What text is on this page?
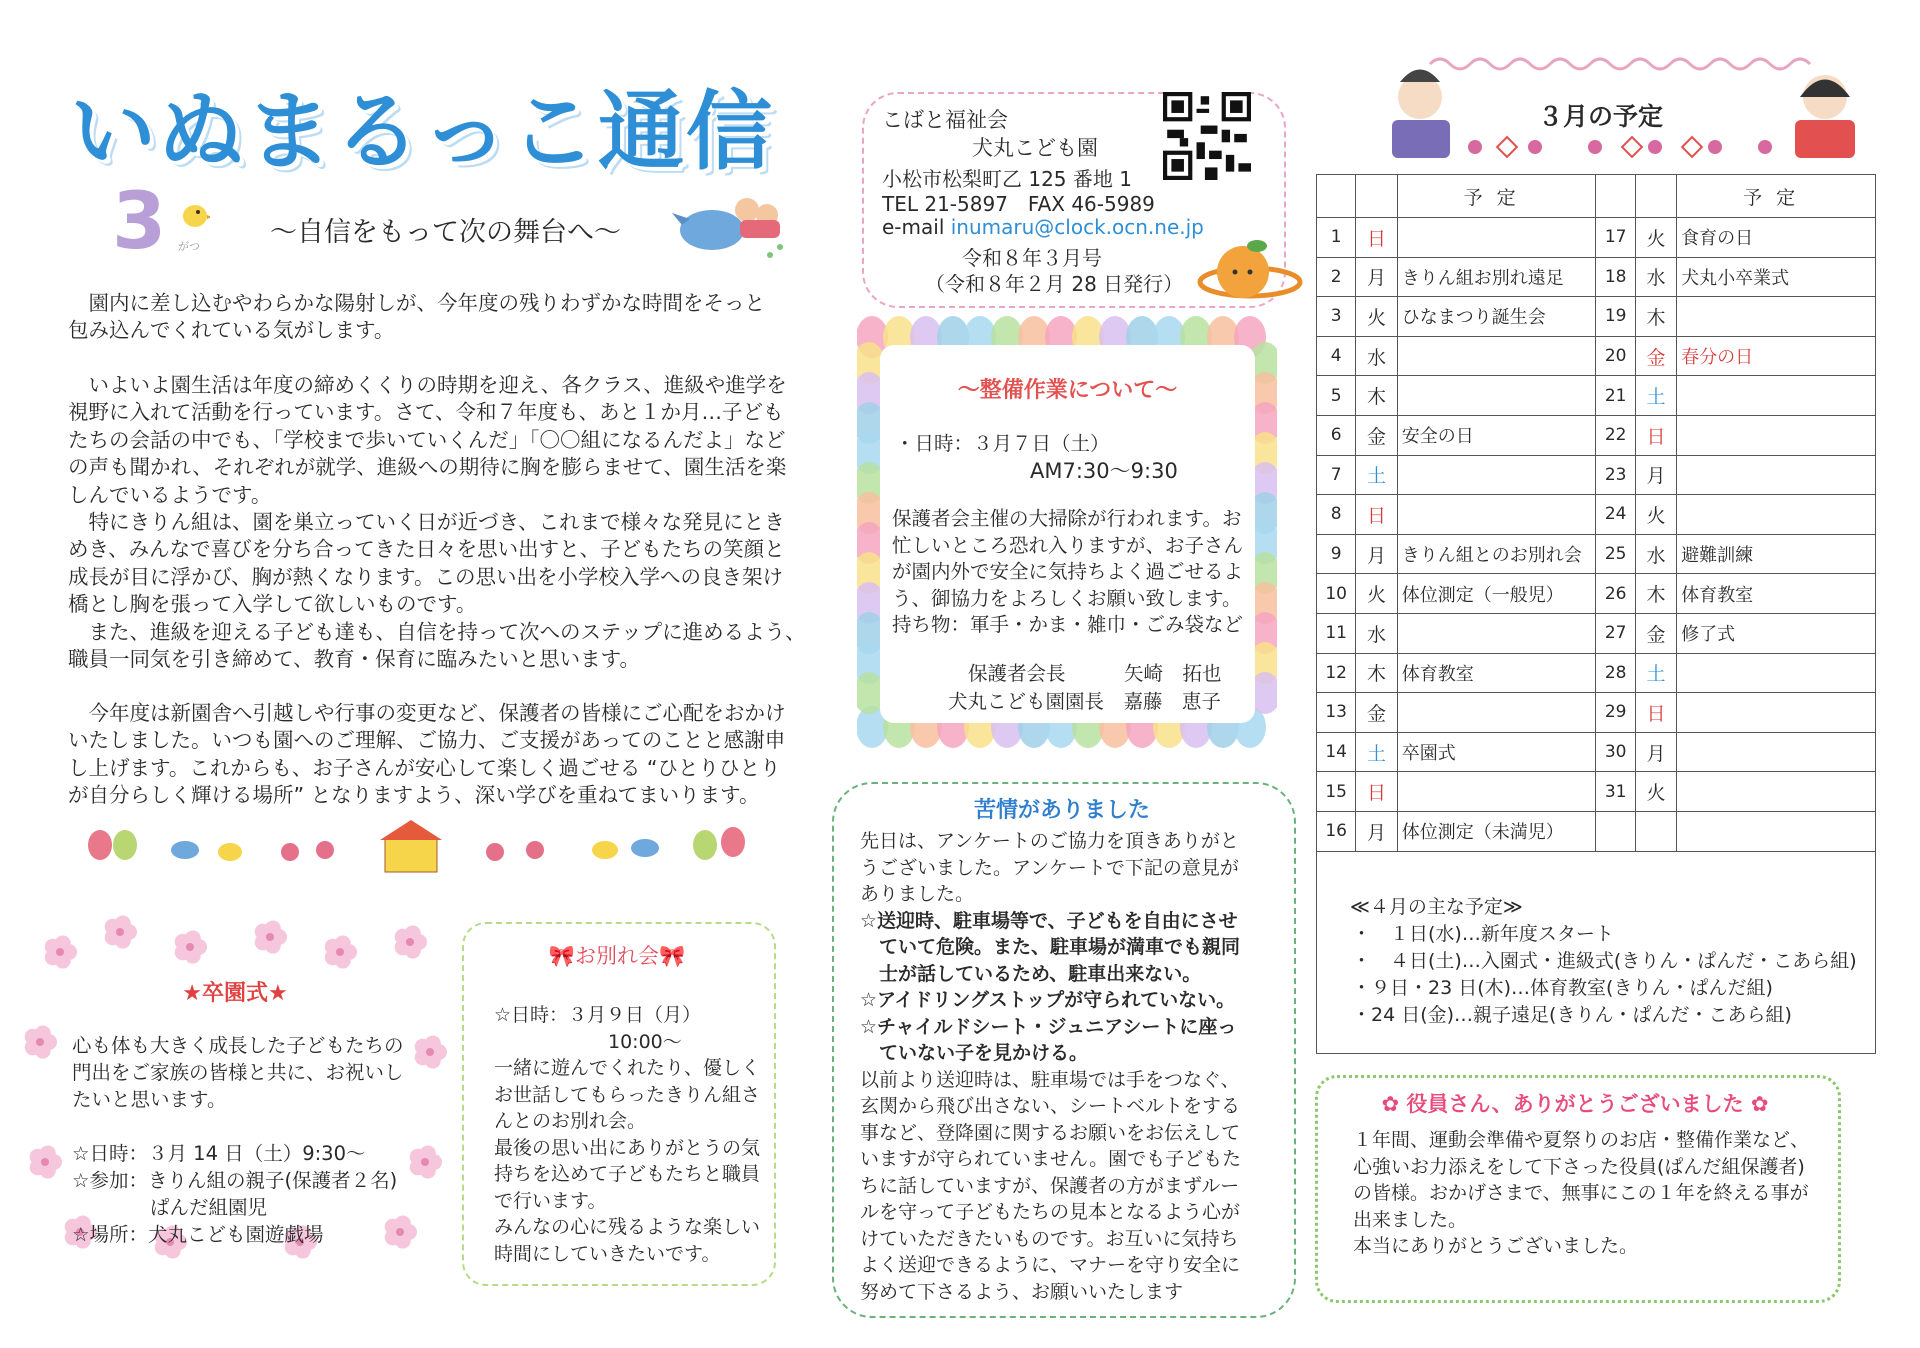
いぬまるっこ通信
3 がつ	〜自信をもって次の舞台へ〜
　園内に差し込むやわらかな陽射しが、今年度の残りわずかな時間をそっと
包み込んでくれている気がします。
　いよいよ園生活は年度の締めくくりの時期を迎え、各クラス、進級や進学を
視野に入れて活動を行っています。さて、令和７年度も、あと１か月…子ども
たちの会話の中でも、「学校まで歩いていくんだ」「〇〇組になるんだよ」など
の声も聞かれ、それぞれが就学、進級への期待に胸を膨らませて、園生活を楽
しんでいるようです。
　特にきりん組は、園を巣立っていく日が近づき、これまで様々な発見にとき
めき、みんなで喜びを分ち合ってきた日々を思い出すと、子どもたちの笑顔と
成長が目に浮かび、胸が熱くなります。この思い出を小学校入学への良き架け
橋とし胸を張って入学して欲しいものです。
　また、進級を迎える子ども達も、自信を持って次へのステップに進めるよう、
職員一同気を引き締めて、教育・保育に臨みたいと思います。
　今年度は新園舎へ引越しや行事の変更など、保護者の皆様にご心配をおかけ
いたしました。いつも園へのご理解、ご協力、ご支援があってのことと感謝申
し上げます。これからも、お子さんが安心して楽しく過ごせる “ひとりひとり
が自分らしく輝ける場所” となりますよう、深い学びを重ねてまいります。
こばと福祉会
犬丸こども園
小松市松梨町乙 125 番地 1
TEL 21-5897　FAX 46-5989
e-mail inumaru@clock.ocn.ne.jp
令和８年３月号
（令和８年２月 28 日発行）
〜整備作業について〜
・日時：３月７日（土）
AM7:30〜9:30
保護者会主催の大掃除が行われます。お
忙しいところ恐れ入りますが、お子さん
が園内外で安全に気持ちよく過ごせるよ
う、御協力をよろしくお願い致します。
持ち物：軍手・かま・雑巾・ごみ袋など
保護者会長　　　矢崎　拓也
犬丸こども園園長　嘉藤　恵子
苦情がありました
先日は、アンケートのご協力を頂きありがと
うございました。アンケートで下記の意見が
ありました。
☆送迎時、駐車場等で、子どもを自由にさせ
　ていて危険。また、駐車場が満車でも親同
　士が話しているため、駐車出来ない。
☆アイドリングストップが守られていない。
☆チャイルドシート・ジュニアシートに座っ
　ていない子を見かける。
以前より送迎時は、駐車場では手をつなぐ、
玄関から飛び出さない、シートベルトをする
事など、登降園に関するお願いをお伝えして
いますが守られていません。園でも子どもた
ちに話していますが、保護者の方がまずルー
ルを守って子どもたちの見本となるよう心が
けていただきたいものです。お互いに気持ち
よく送迎できるように、マナーを守り安全に
努めて下さるよう、お願いいたします
★卒園式★
心も体も大きく成長した子どもたちの
門出をご家族の皆様と共に、お祝いし
たいと思います。

☆日時：３月 14 日（土）9:30〜
☆参加：きりん組の親子(保護者２名)
　　　　ぱんだ組園児
☆場所：犬丸こども園遊戯場
🎀お別れ会🎀
☆日時：３月９日（月）
　　　　　　10:00〜
一緒に遊んでくれたり、優しく
お世話してもらったきりん組さ
んとのお別れ会。
最後の思い出にありがとうの気
持ちを込めて子どもたちと職員
で行います。
みんなの心に残るような楽しい
時間にしていきたいです。
３月の予定
		予定			予定
1	日		17	火	食育の日
2	月	きりん組お別れ遠足	18	水	犬丸小卒業式
3	火	ひなまつり誕生会	19	木	
4	水		20	金	春分の日
5	木		21	土	
6	金	安全の日	22	日	
7	土		23	月	
8	日		24	火	
9	月	きりん組とのお別れ会	25	水	避難訓練
10	火	体位測定（一般児）	26	木	体育教室
11	水		27	金	修了式
12	木	体育教室	28	土	
13	金		29	日	
14	土	卒園式	30	月	
15	日		31	火	
16	月	体位測定（未満児）			
≪４月の主な予定≫
・　１日(水)…新年度スタート
・　４日(土)…入園式・進級式(きりん・ぱんだ・こあら組)
・９日・23 日(木)…体育教室(きりん・ぱんだ組)
・24 日(金)…親子遠足(きりん・ぱんだ・こあら組)
✿ 役員さん、ありがとうございました ✿
１年間、運動会準備や夏祭りのお店・整備作業など、
心強いお力添えをして下さった役員(ぱんだ組保護者)
の皆様。おかげさまで、無事にこの１年を終える事が
出来ました。
本当にありがとうございました。
